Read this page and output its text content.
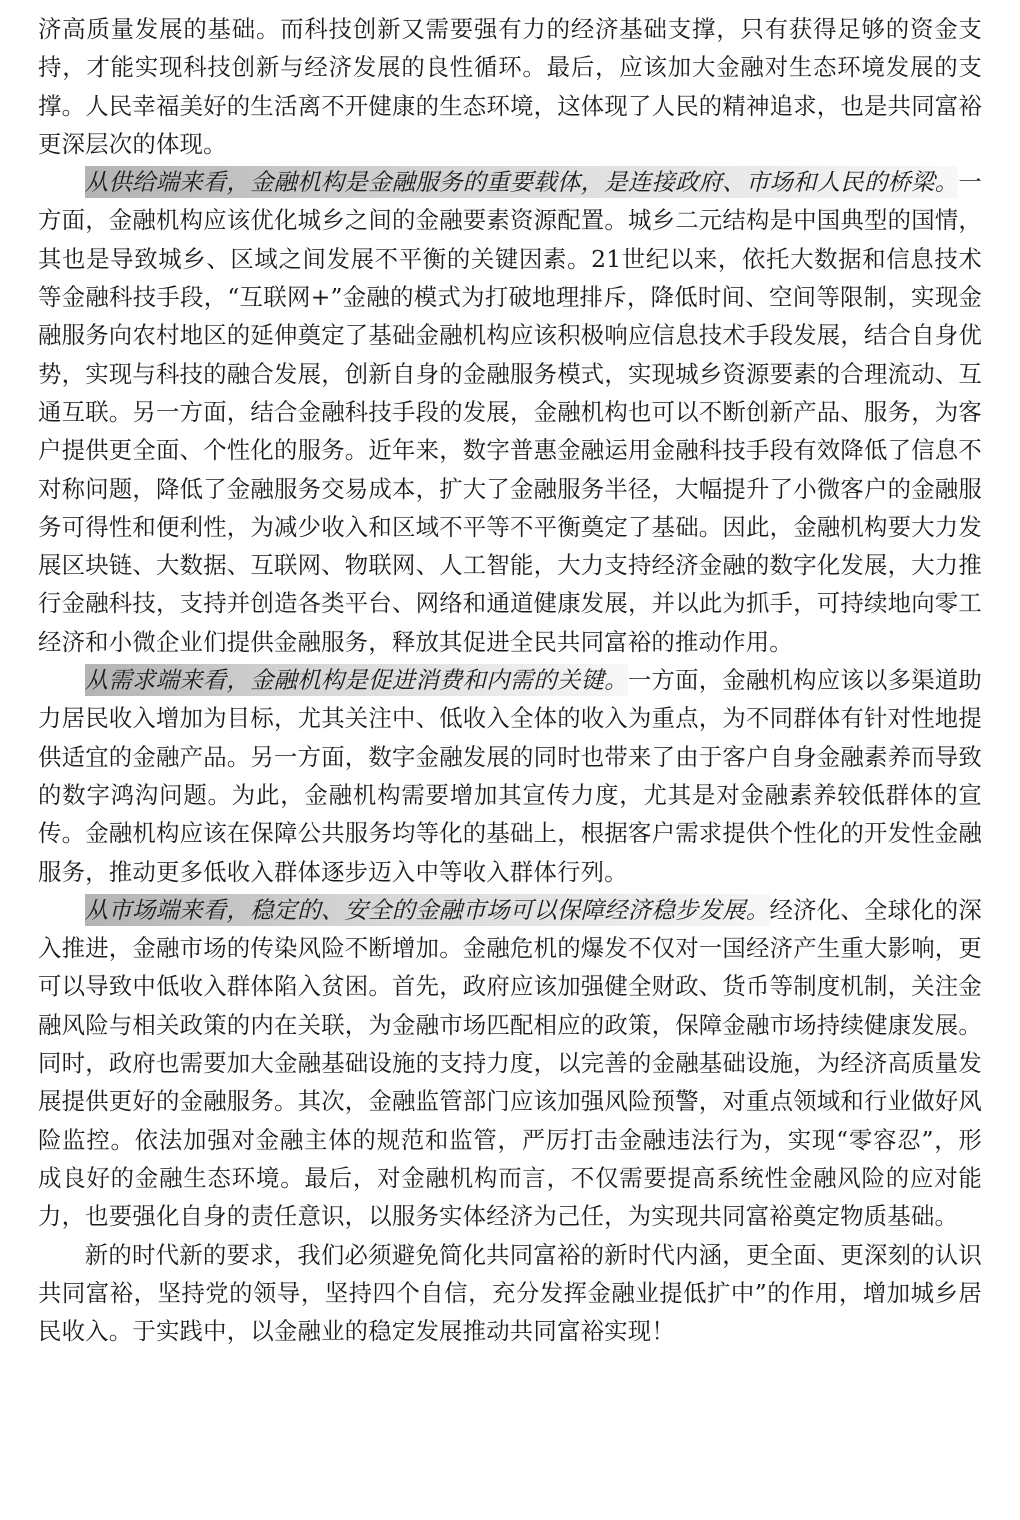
济高质量发展的基础。而科技创新又需要强有力的经济基础支撑，只有获得足够的资金支持，才能实现科技创新与经济发展的良性循环。最后，应该加大金融对生态环境发展的支撑。人民幸福美好的生活离不开健康的生态环境，这体现了人民的精神追求，也是共同富裕更深层次的体现。

从供给端来看，金融机构是金融服务的重要载体，是连接政府、市场和人民的桥梁。一方面，金融机构应该优化城乡之间的金融要素资源配置。城乡二元结构是中国典型的国情，其也是导致城乡、区域之间发展不平衡的关键因素。21世纪以来，依托大数据和信息技术等金融科技手段，“互联网+”金融的模式为打破地理排斥，降低时间、空间等限制，实现金融服务向农村地区的延伸奠定了基础金融机构应该积极响应信息技术手段发展，结合自身优势，实现与科技的融合发展，创新自身的金融服务模式，实现城乡资源要素的合理流动、互通互联。另一方面，结合金融科技手段的发展，金融机构也可以不断创新产品、服务，为客户提供更全面、个性化的服务。近年来，数字普惠金融运用金融科技手段有效降低了信息不对称问题，降低了金融服务交易成本，扩大了金融服务半径，大幅提升了小微客户的金融服务可得性和便利性，为减少收入和区域不平等不平衡奠定了基础。因此，金融机构要大力发展区块链、大数据、互联网、物联网、人工智能，大力支持经济金融的数字化发展，大力推行金融科技，支持并创造各类平台、网络和通道健康发展，并以此为抓手，可持续地向零工经济和小微企业们提供金融服务，释放其促进全民共同富裕的推动作用。

从需求端来看，金融机构是促进消费和内需的关键。一方面，金融机构应该以多渠道助力居民收入增加为目标，尤其关注中、低收入全体的收入为重点，为不同群体有针对性地提供适宜的金融产品。另一方面，数字金融发展的同时也带来了由于客户自身金融素养而导致的数字鸿沟问题。为此，金融机构需要增加其宣传力度，尤其是对金融素养较低群体的宣传。金融机构应该在保障公共服务均等化的基础上，根据客户需求提供个性化的开发性金融服务，推动更多低收入群体逐步迈入中等收入群体行列。

从市场端来看，稳定的、安全的金融市场可以保障经济稳步发展。经济化、全球化的深入推进，金融市场的传染风险不断增加。金融危机的爆发不仅对一国经济产生重大影响，更可以导致中低收入群体陷入贫困。首先，政府应该加强健全财政、货币等制度机制，关注金融风险与相关政策的内在关联，为金融市场匹配相应的政策，保障金融市场持续健康发展。同时，政府也需要加大金融基础设施的支持力度，以完善的金融基础设施，为经济高质量发展提供更好的金融服务。其次，金融监管部门应该加强风险预警，对重点领域和行业做好风险监控。依法加强对金融主体的规范和监管，严厉打击金融违法行为，实现“零容忍”，形成良好的金融生态环境。最后，对金融机构而言，不仅需要提高系统性金融风险的应对能力，也要强化自身的责任意识，以服务实体经济为己任，为实现共同富裕奠定物质基础。

新的时代新的要求，我们必须避免简化共同富裕的新时代内涵，更全面、更深刻的认识共同富裕，坚持党的领导，坚持四个自信，充分发挥金融业提低扩中”的作用，增加城乡居民收入。于实践中，以金融业的稳定发展推动共同富裕实现！
